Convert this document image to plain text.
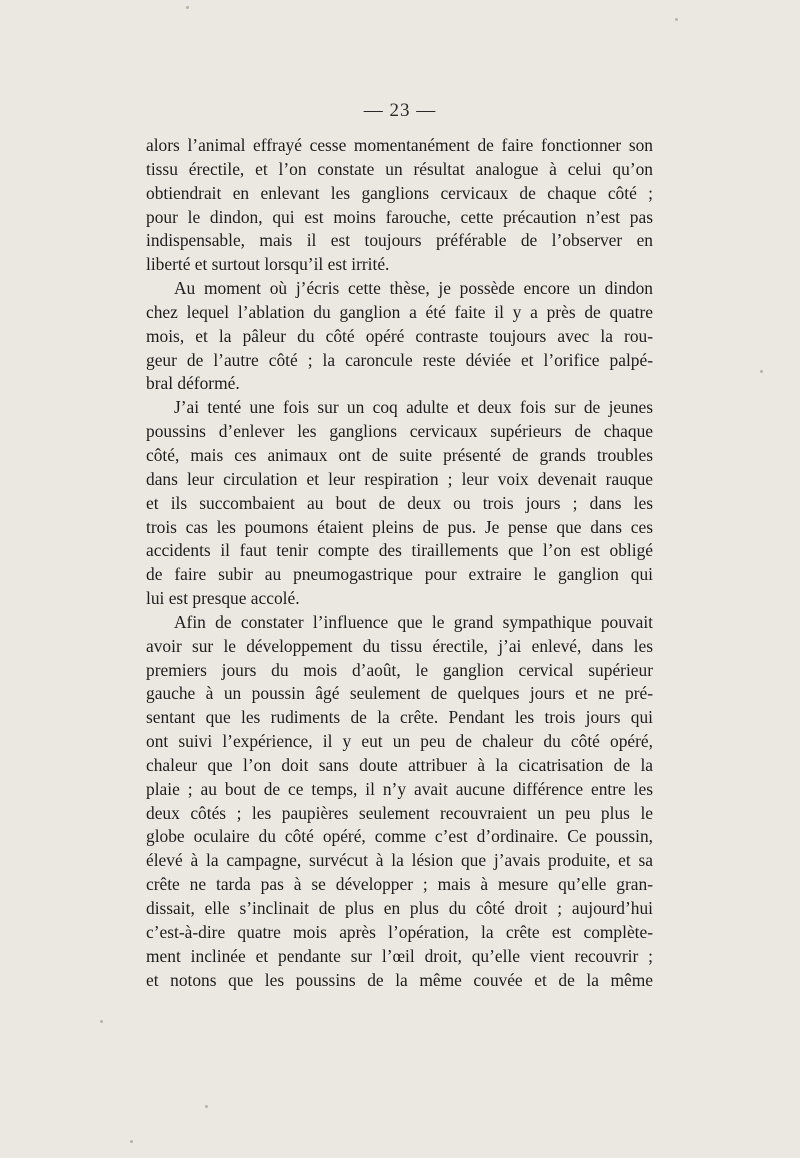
— 23 —
alors l’animal effrayé cesse momentanément de faire fonctionner son
tissu érectile, et l’on constate un résultat analogue à celui qu’on
obtiendrait en enlevant les ganglions cervicaux de chaque côté ;
pour le dindon, qui est moins farouche, cette précaution n’est pas
indispensable, mais il est toujours préférable de l’observer en
liberté et surtout lorsqu’il est irrité.
Au moment où j’écris cette thèse, je possède encore un dindon
chez lequel l’ablation du ganglion a été faite il y a près de quatre
mois, et la pâleur du côté opéré contraste toujours avec la rou-
geur de l’autre côté ; la caroncule reste déviée et l’orifice palpé-
bral déformé.
J’ai tenté une fois sur un coq adulte et deux fois sur de jeunes
poussins d’enlever les ganglions cervicaux supérieurs de chaque
côté, mais ces animaux ont de suite présenté de grands troubles
dans leur circulation et leur respiration ; leur voix devenait rauque
et ils succombaient au bout de deux ou trois jours ; dans les
trois cas les poumons étaient pleins de pus. Je pense que dans ces
accidents il faut tenir compte des tiraillements que l’on est obligé
de faire subir au pneumogastrique pour extraire le ganglion qui
lui est presque accolé.
Afin de constater l’influence que le grand sympathique pouvait
avoir sur le développement du tissu érectile, j’ai enlevé, dans les
premiers jours du mois d’août, le ganglion cervical supérieur
gauche à un poussin âgé seulement de quelques jours et ne pré-
sentant que les rudiments de la crête. Pendant les trois jours qui
ont suivi l’expérience, il y eut un peu de chaleur du côté opéré,
chaleur que l’on doit sans doute attribuer à la cicatrisation de la
plaie ; au bout de ce temps, il n’y avait aucune différence entre les
deux côtés ; les paupières seulement recouvraient un peu plus le
globe oculaire du côté opéré, comme c’est d’ordinaire. Ce poussin,
élevé à la campagne, survécut à la lésion que j’avais produite, et sa
crête ne tarda pas à se développer ; mais à mesure qu’elle gran-
dissait, elle s’inclinait de plus en plus du côté droit ; aujourd’hui
c’est-à-dire quatre mois après l’opération, la crête est complète-
ment inclinée et pendante sur l’œil droit, qu’elle vient recouvrir ;
et notons que les poussins de la même couvée et de la même
